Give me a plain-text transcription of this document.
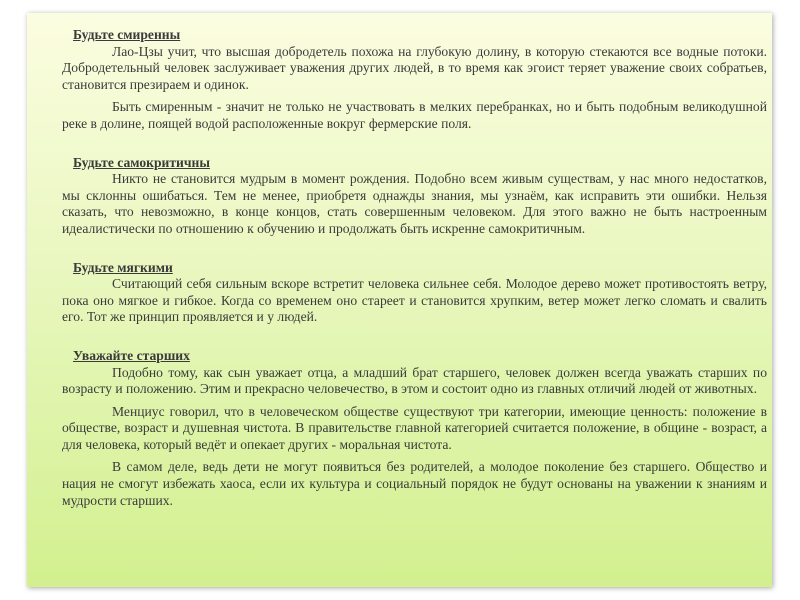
Будьте смиренны

Лао-Цзы учит, что высшая добродетель похожа на глубокую долину, в которую стекаются все водные потоки. Добродетельный человек заслуживает уважения других людей, в то время как эгоист теряет уважение своих собратьев, становится презираем и одинок.

Быть смиренным - значит не только не участвовать в мелких перебранках, но и быть подобным великодушной реке в долине, поящей водой расположенные вокруг фермерские поля.

Будьте самокритичны

Никто не становится мудрым в момент рождения. Подобно всем живым существам, у нас много недостатков, мы склонны ошибаться. Тем не менее, приобретя однажды знания, мы узнаём, как исправить эти ошибки. Нельзя сказать, что невозможно, в конце концов, стать совершенным человеком. Для этого важно не быть настроенным идеалистически по отношению к обучению и продолжать быть искренне самокритичным.

Будьте мягкими

Считающий себя сильным вскоре встретит человека сильнее себя. Молодое дерево может противостоять ветру, пока оно мягкое и гибкое. Когда со временем оно стареет и становится хрупким, ветер может легко сломать и свалить его. Тот же принцип проявляется и у людей.

Уважайте старших

Подобно тому, как сын уважает отца, а младший брат старшего, человек должен всегда уважать старших по возрасту и положению. Этим и прекрасно человечество, в этом и состоит одно из главных отличий людей от животных.

Менциус говорил, что в человеческом обществе существуют три категории, имеющие ценность: положение в обществе, возраст и душевная чистота. В правительстве главной категорией считается положение, в общине - возраст, а для человека, который ведёт и опекает других - моральная чистота.

В самом деле, ведь дети не могут появиться без родителей, а молодое поколение без старшего. Общество и нация не смогут избежать хаоса, если их культура и социальный порядок не будут основаны на уважении к знаниям и мудрости старших.
